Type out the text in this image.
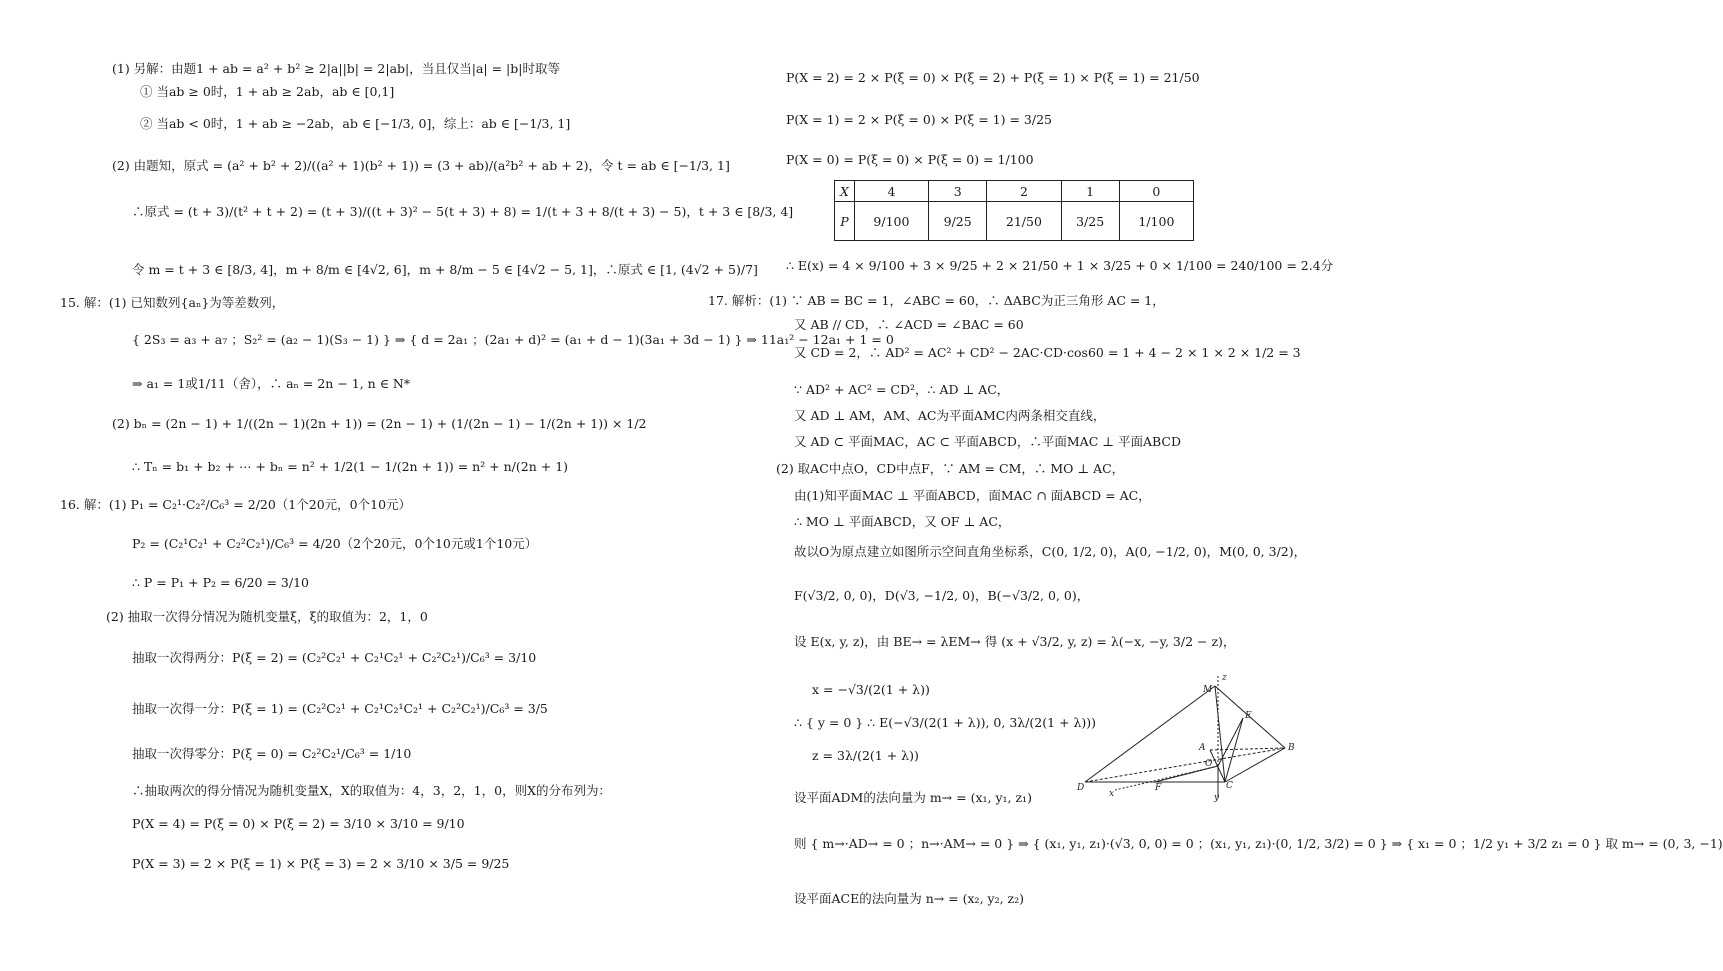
(1) 另解：由题1 + ab = a² + b² ≥ 2|a||b| = 2|ab|，当且仅当|a| = |b|时取等
① 当ab ≥ 0时，1 + ab ≥ 2ab，ab ∈ [0,1]
② 当ab < 0时，1 + ab ≥ −2ab，ab ∈ [−1/3, 0]，综上：ab ∈ [−1/3, 1]
(2) 由题知，原式 = (a² + b² + 2)/((a² + 1)(b² + 1)) = (3 + ab)/(a²b² + ab + 2)，令 t = ab ∈ [−1/3, 1]
∴原式 = (t + 3)/(t² + t + 2) = (t + 3)/((t + 3)² − 5(t + 3) + 8) = 1/(t + 3 + 8/(t + 3) − 5)，t + 3 ∈ [8/3, 4]
令 m = t + 3 ∈ [8/3, 4]，m + 8/m ∈ [4√2, 6]，m + 8/m − 5 ∈ [4√2 − 5, 1]，∴原式 ∈ [1, (4√2 + 5)/7]
15. 解：(1) 已知数列{aₙ}为等差数列，
{ 2S₃ = a₃ + a₇ ；S₂² = (a₂ − 1)(S₃ − 1) } ⇒ { d = 2a₁ ；(2a₁ + d)² = (a₁ + d − 1)(3a₁ + 3d − 1) } ⇒ 11a₁² − 12a₁ + 1 = 0
⇒ a₁ = 1或1/11（舍），∴ aₙ = 2n − 1, n ∈ N*
(2) bₙ = (2n − 1) + 1/((2n − 1)(2n + 1)) = (2n − 1) + (1/(2n − 1) − 1/(2n + 1)) × 1/2
∴ Tₙ = b₁ + b₂ + ⋯ + bₙ = n² + 1/2(1 − 1/(2n + 1)) = n² + n/(2n + 1)
16. 解：(1) P₁ = C₂¹·C₂²/C₆³ = 2/20（1个20元，0个10元）
P₂ = (C₂¹C₂¹ + C₂²C₂¹)/C₆³ = 4/20（2个20元，0个10元或1个10元）
∴ P = P₁ + P₂ = 6/20 = 3/10
(2) 抽取一次得分情况为随机变量ξ，ξ的取值为：2，1，0
抽取一次得两分：P(ξ = 2) = (C₂²C₂¹ + C₂¹C₂¹ + C₂²C₂¹)/C₆³ = 3/10
抽取一次得一分：P(ξ = 1) = (C₂²C₂¹ + C₂¹C₂¹C₂¹ + C₂²C₂¹)/C₆³ = 3/5
抽取一次得零分：P(ξ = 0) = C₂²C₂¹/C₆³ = 1/10
∴抽取两次的得分情况为随机变量X，X的取值为：4，3，2，1，0，则X的分布列为：
P(X = 4) = P(ξ = 0) × P(ξ = 2) = 3/10 × 3/10 = 9/10
P(X = 3) = 2 × P(ξ = 1) × P(ξ = 3) = 2 × 3/10 × 3/5 = 9/25
P(X = 2) = 2 × P(ξ = 0) × P(ξ = 2) + P(ξ = 1) × P(ξ = 1) = 21/50
P(X = 1) = 2 × P(ξ = 0) × P(ξ = 1) = 3/25
P(X = 0) = P(ξ = 0) × P(ξ = 0) = 1/100
X	4	3	2	1	0
P	9/100	9/25	21/50	3/25	1/100
∴ E(x) = 4 × 9/100 + 3 × 9/25 + 2 × 21/50 + 1 × 3/25 + 0 × 1/100 = 240/100 = 2.4分
17. 解析：(1) ∵ AB = BC = 1，∠ABC = 60，∴ ΔABC为正三角形 AC = 1，
又 AB // CD，∴ ∠ACD = ∠BAC = 60
又 CD = 2，∴ AD² = AC² + CD² − 2AC·CD·cos60 = 1 + 4 − 2 × 1 × 2 × 1/2 = 3
∵ AD² + AC² = CD²，∴ AD ⊥ AC，
又 AD ⊥ AM，AM、AC为平面AMC内两条相交直线，
又 AD ⊂ 平面MAC，AC ⊂ 平面ABCD，∴平面MAC ⊥ 平面ABCD
(2) 取AC中点O，CD中点F，∵ AM = CM，∴ MO ⊥ AC，
由(1)知平面MAC ⊥ 平面ABCD，面MAC ∩ 面ABCD = AC，
∴ MO ⊥ 平面ABCD，又 OF ⊥ AC，
故以O为原点建立如图所示空间直角坐标系，C(0, 1/2, 0)，A(0, −1/2, 0)，M(0, 0, 3/2)，
F(√3/2, 0, 0)，D(√3, −1/2, 0)，B(−√3/2, 0, 0)，
设 E(x, y, z)，由 BE→ = λEM→ 得 (x + √3/2, y, z) = λ(−x, −y, 3/2 − z)，
x = −√3/(2(1 + λ))
∴ { y = 0 } ∴ E(−√3/(2(1 + λ)), 0, 3λ/(2(1 + λ)))
z = 3λ/(2(1 + λ))
设平面ADM的法向量为 m→ = (x₁, y₁, z₁)
则 { m→·AD→ = 0 ；n→·AM→ = 0 } ⇒ { (x₁, y₁, z₁)·(√3, 0, 0) = 0 ；(x₁, y₁, z₁)·(0, 1/2, 3/2) = 0 } ⇒ { x₁ = 0 ；1/2 y₁ + 3/2 z₁ = 0 } 取 m→ = (0, 3, −1)
设平面ACE的法向量为 n→ = (x₂, y₂, z₂)
M
z
E
A	B
O
D	F	C
x	y
